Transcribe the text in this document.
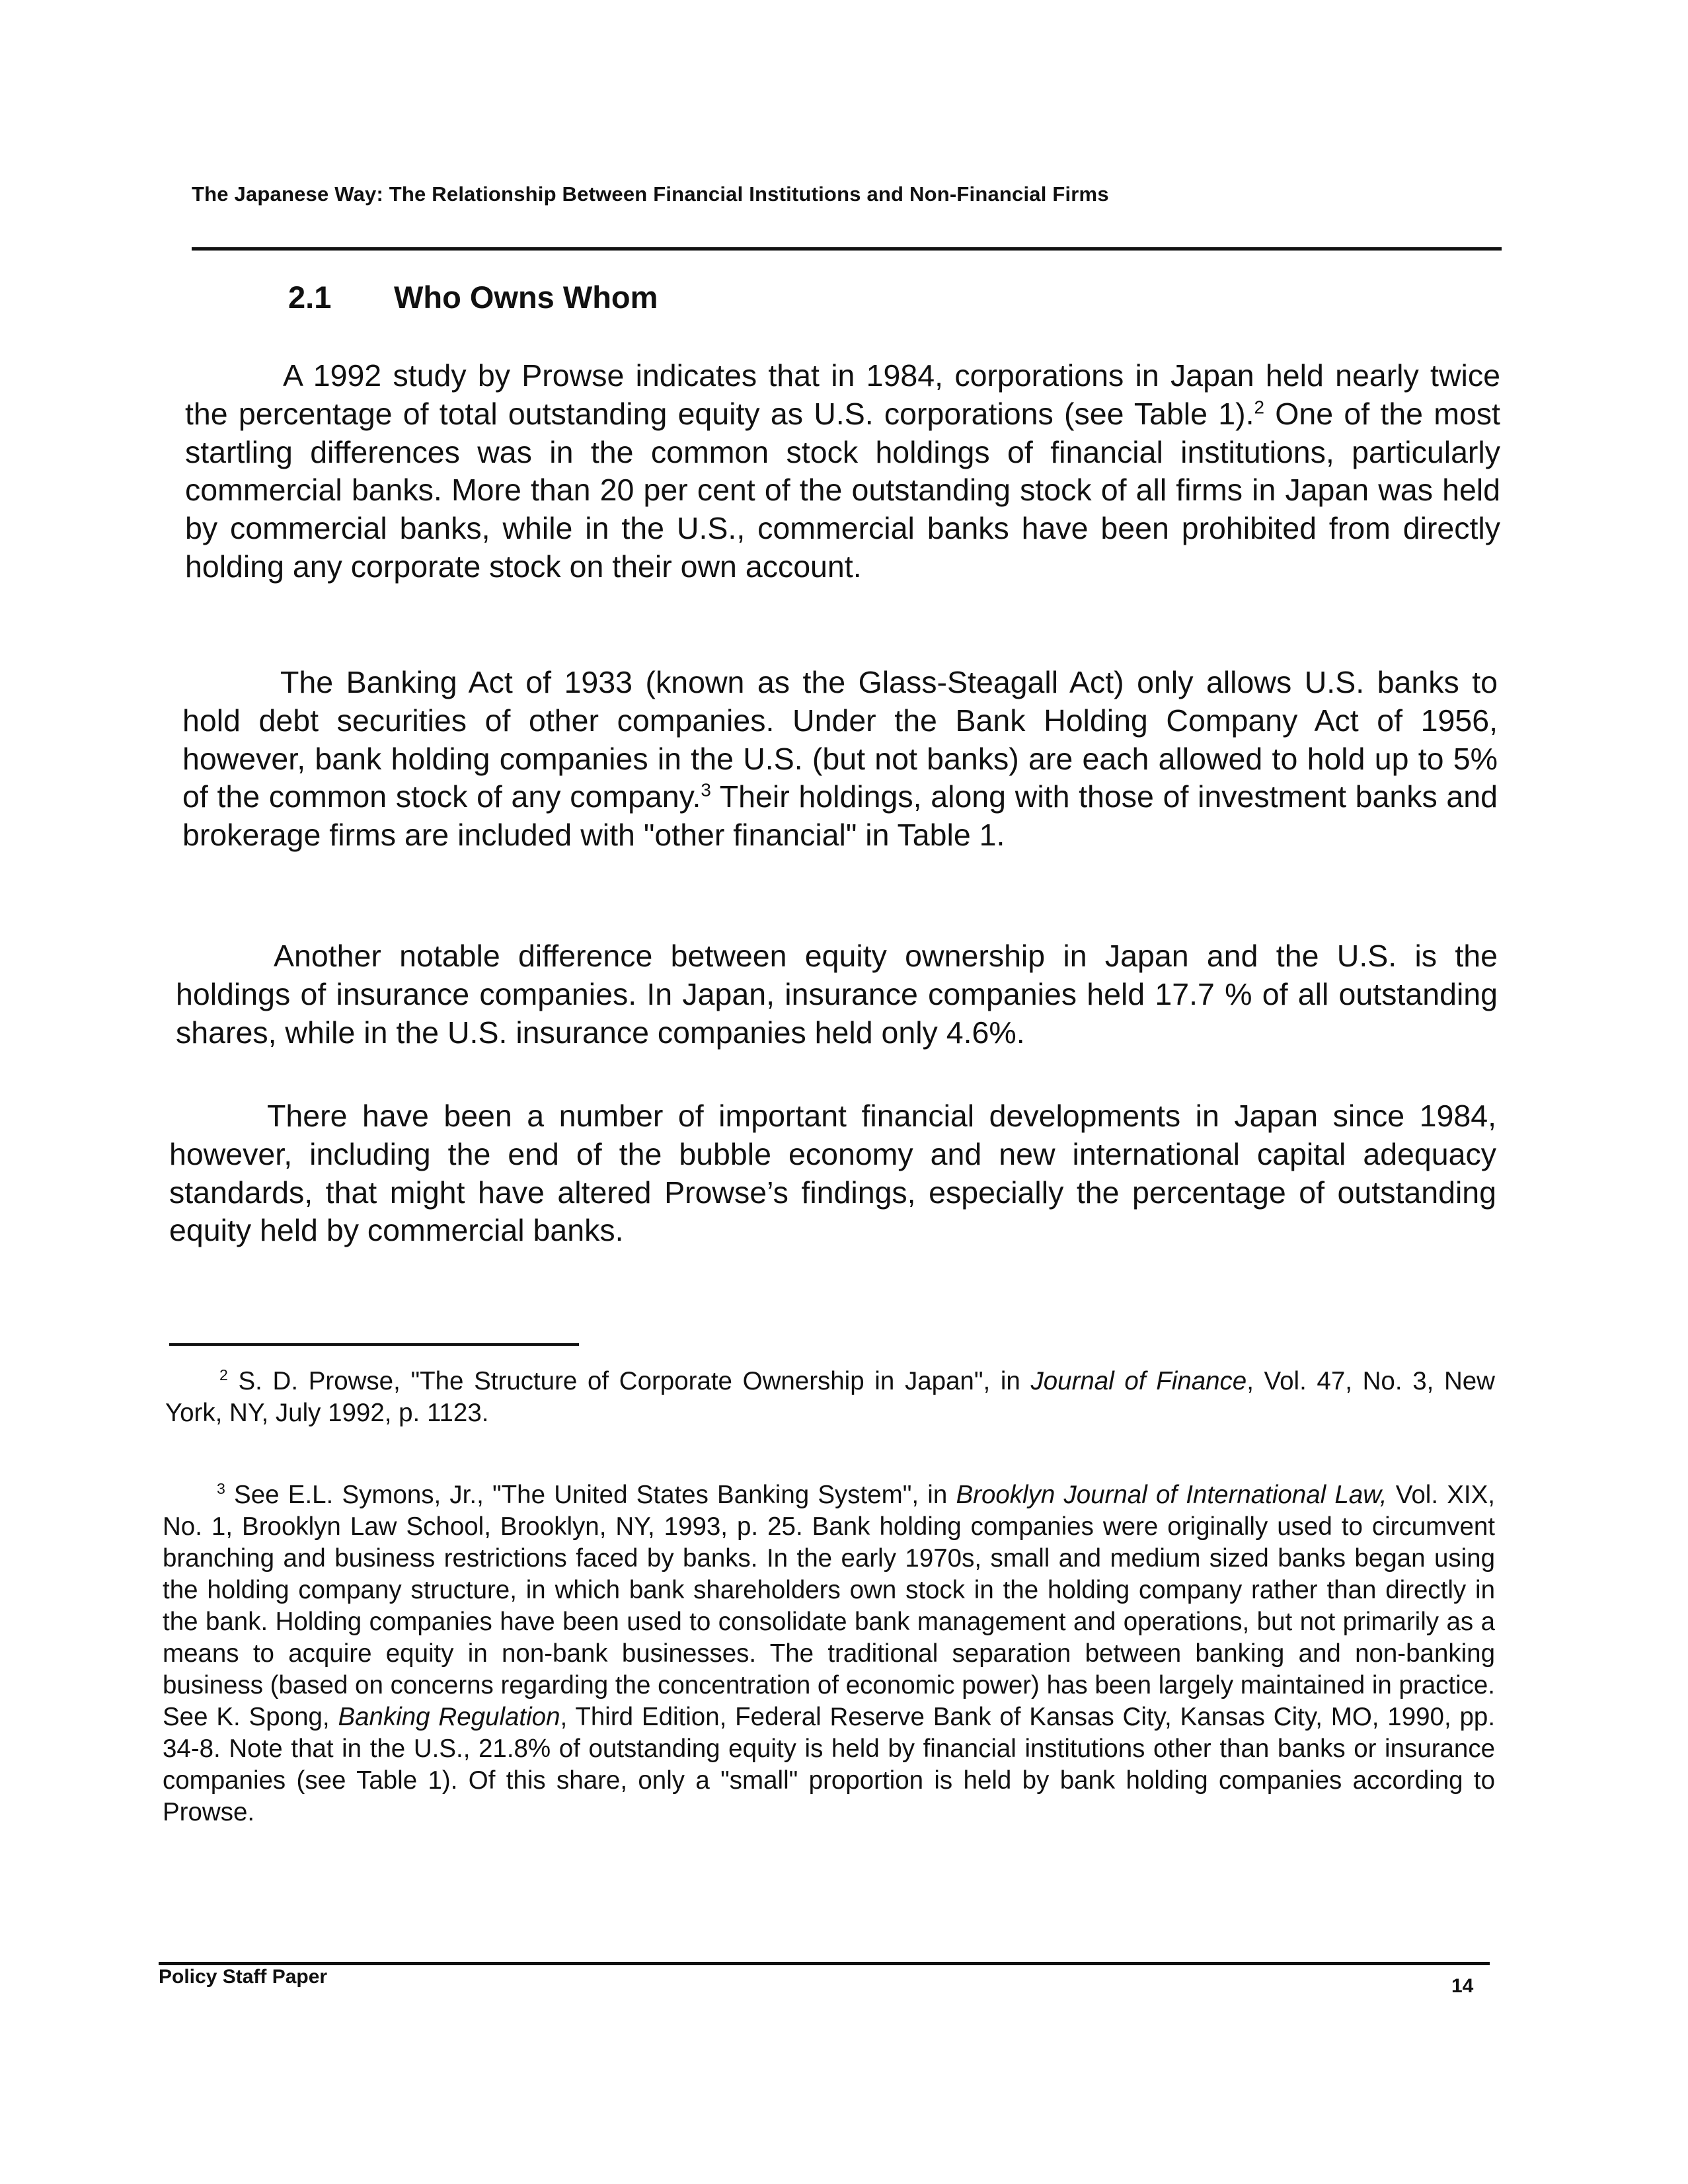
The Japanese Way: The Relationship Between Financial Institutions and Non-Financial Firms
2.1 Who Owns Whom
A 1992 study by Prowse indicates that in 1984, corporations in Japan held nearly twice the percentage of total outstanding equity as U.S. corporations (see Table 1).$^2$ One of the most startling differences was in the common stock holdings of financial institutions, particularly commercial banks. More than 20 per cent of the outstanding stock of all firms in Japan was held by commercial banks, while in the U.S., commercial banks have been prohibited from directly holding any corporate stock on their own account.
The Banking Act of 1933 (known as the Glass-Steagall Act) only allows U.S. banks to hold debt securities of other companies. Under the Bank Holding Company Act of 1956, however, bank holding companies in the U.S. (but not banks) are each allowed to hold up to 5% of the common stock of any company.$^3$ Their holdings, along with those of investment banks and brokerage firms are included with "other financial" in Table 1.
Another notable difference between equity ownership in Japan and the U.S. is the holdings of insurance companies. In Japan, insurance companies held 17.7 % of all outstanding shares, while in the U.S. insurance companies held only 4.6%.
There have been a number of important financial developments in Japan since 1984, however, including the end of the bubble economy and new international capital adequacy standards, that might have altered Prowse’s findings, especially the percentage of outstanding equity held by commercial banks.
$^2$ S. D. Prowse, "The Structure of Corporate Ownership in Japan", in Journal of Finance, Vol. 47, No. 3, New York, NY, July 1992, p. 1123.
$^3$ See E.L. Symons, Jr., "The United States Banking System", in Brooklyn Journal of International Law, Vol. XIX, No. 1, Brooklyn Law School, Brooklyn, NY, 1993, p. 25. Bank holding companies were originally used to circumvent branching and business restrictions faced by banks. In the early 1970s, small and medium sized banks began using the holding company structure, in which bank shareholders own stock in the holding company rather than directly in the bank. Holding companies have been used to consolidate bank management and operations, but not primarily as a means to acquire equity in non-bank businesses. The traditional separation between banking and non-banking business (based on concerns regarding the concentration of economic power) has been largely maintained in practice. See K. Spong, Banking Regulation, Third Edition, Federal Reserve Bank of Kansas City, Kansas City, MO, 1990, pp. 34-8. Note that in the U.S., 21.8% of outstanding equity is held by financial institutions other than banks or insurance companies (see Table 1). Of this share, only a "small" proportion is held by bank holding companies according to Prowse.
Policy Staff Paper	14
